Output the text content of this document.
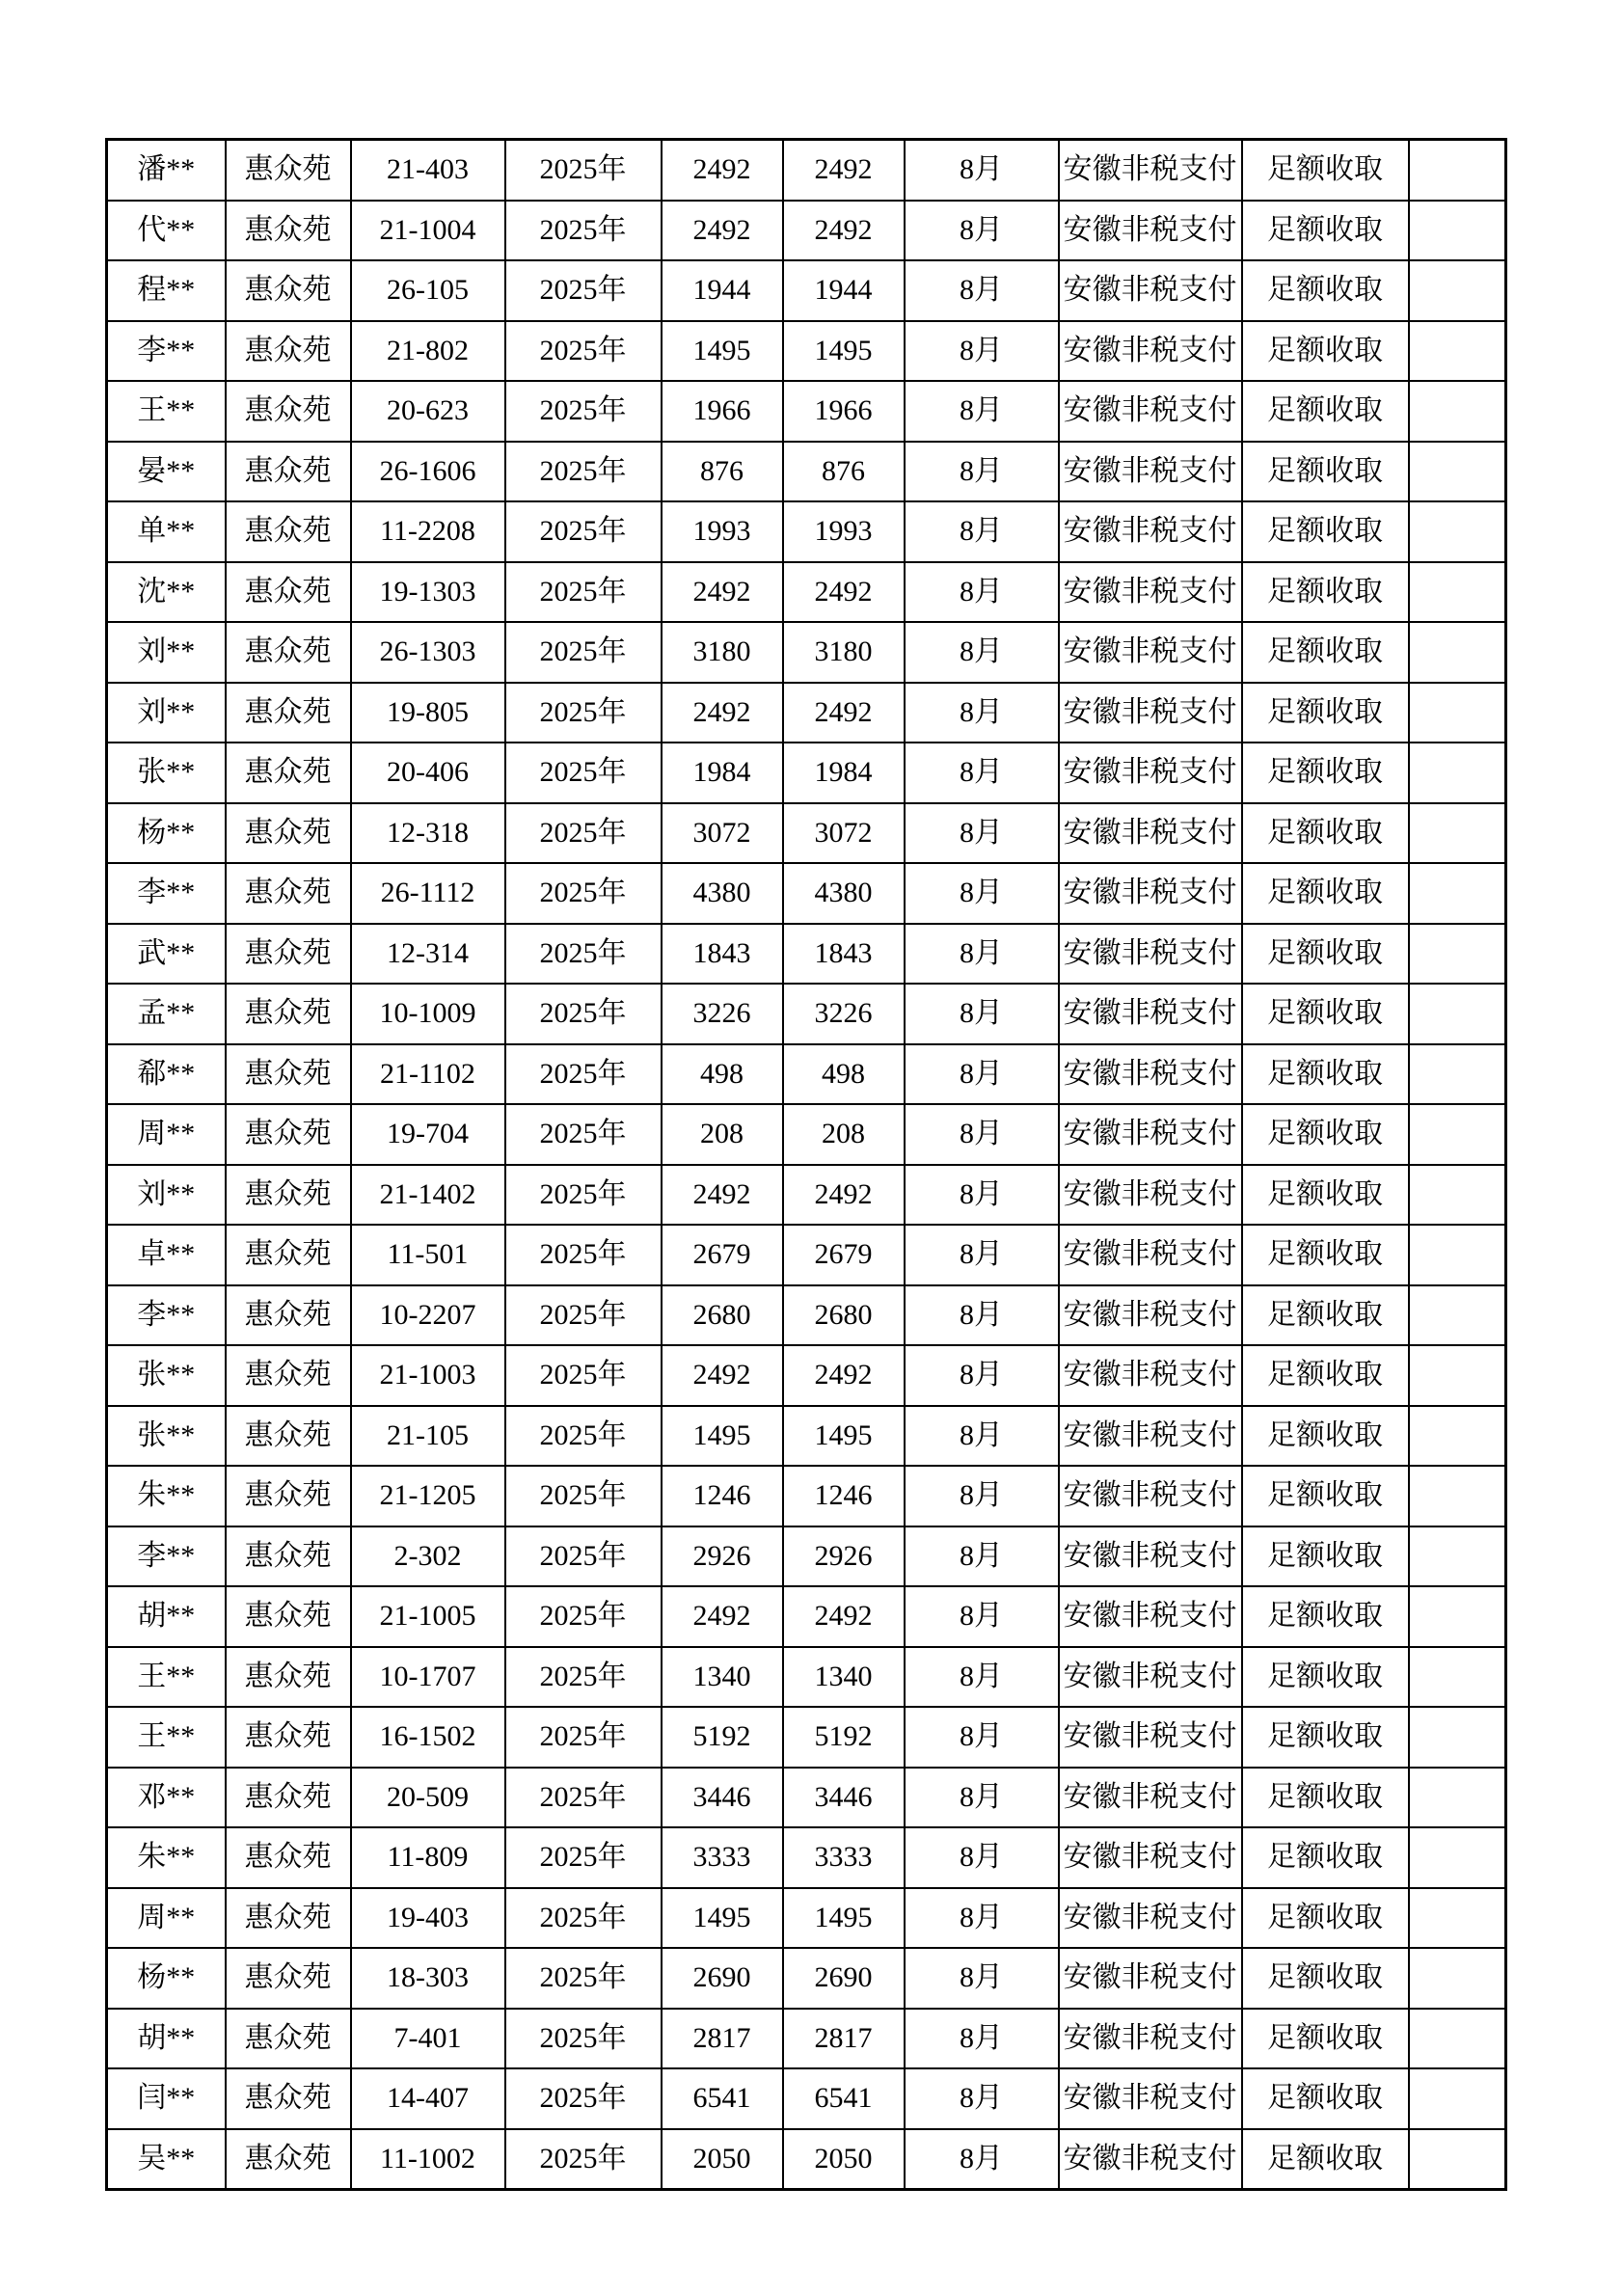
潘**	惠众苑	21-403	2025年	2492	2492	8月	安徽非税支付	足额收取	
代**	惠众苑	21-1004	2025年	2492	2492	8月	安徽非税支付	足额收取	
程**	惠众苑	26-105	2025年	1944	1944	8月	安徽非税支付	足额收取	
李**	惠众苑	21-802	2025年	1495	1495	8月	安徽非税支付	足额收取	
王**	惠众苑	20-623	2025年	1966	1966	8月	安徽非税支付	足额收取	
晏**	惠众苑	26-1606	2025年	876	876	8月	安徽非税支付	足额收取	
单**	惠众苑	11-2208	2025年	1993	1993	8月	安徽非税支付	足额收取	
沈**	惠众苑	19-1303	2025年	2492	2492	8月	安徽非税支付	足额收取	
刘**	惠众苑	26-1303	2025年	3180	3180	8月	安徽非税支付	足额收取	
刘**	惠众苑	19-805	2025年	2492	2492	8月	安徽非税支付	足额收取	
张**	惠众苑	20-406	2025年	1984	1984	8月	安徽非税支付	足额收取	
杨**	惠众苑	12-318	2025年	3072	3072	8月	安徽非税支付	足额收取	
李**	惠众苑	26-1112	2025年	4380	4380	8月	安徽非税支付	足额收取	
武**	惠众苑	12-314	2025年	1843	1843	8月	安徽非税支付	足额收取	
孟**	惠众苑	10-1009	2025年	3226	3226	8月	安徽非税支付	足额收取	
郗**	惠众苑	21-1102	2025年	498	498	8月	安徽非税支付	足额收取	
周**	惠众苑	19-704	2025年	208	208	8月	安徽非税支付	足额收取	
刘**	惠众苑	21-1402	2025年	2492	2492	8月	安徽非税支付	足额收取	
卓**	惠众苑	11-501	2025年	2679	2679	8月	安徽非税支付	足额收取	
李**	惠众苑	10-2207	2025年	2680	2680	8月	安徽非税支付	足额收取	
张**	惠众苑	21-1003	2025年	2492	2492	8月	安徽非税支付	足额收取	
张**	惠众苑	21-105	2025年	1495	1495	8月	安徽非税支付	足额收取	
朱**	惠众苑	21-1205	2025年	1246	1246	8月	安徽非税支付	足额收取	
李**	惠众苑	2-302	2025年	2926	2926	8月	安徽非税支付	足额收取	
胡**	惠众苑	21-1005	2025年	2492	2492	8月	安徽非税支付	足额收取	
王**	惠众苑	10-1707	2025年	1340	1340	8月	安徽非税支付	足额收取	
王**	惠众苑	16-1502	2025年	5192	5192	8月	安徽非税支付	足额收取	
邓**	惠众苑	20-509	2025年	3446	3446	8月	安徽非税支付	足额收取	
朱**	惠众苑	11-809	2025年	3333	3333	8月	安徽非税支付	足额收取	
周**	惠众苑	19-403	2025年	1495	1495	8月	安徽非税支付	足额收取	
杨**	惠众苑	18-303	2025年	2690	2690	8月	安徽非税支付	足额收取	
胡**	惠众苑	7-401	2025年	2817	2817	8月	安徽非税支付	足额收取	
闫**	惠众苑	14-407	2025年	6541	6541	8月	安徽非税支付	足额收取	
吴**	惠众苑	11-1002	2025年	2050	2050	8月	安徽非税支付	足额收取	
